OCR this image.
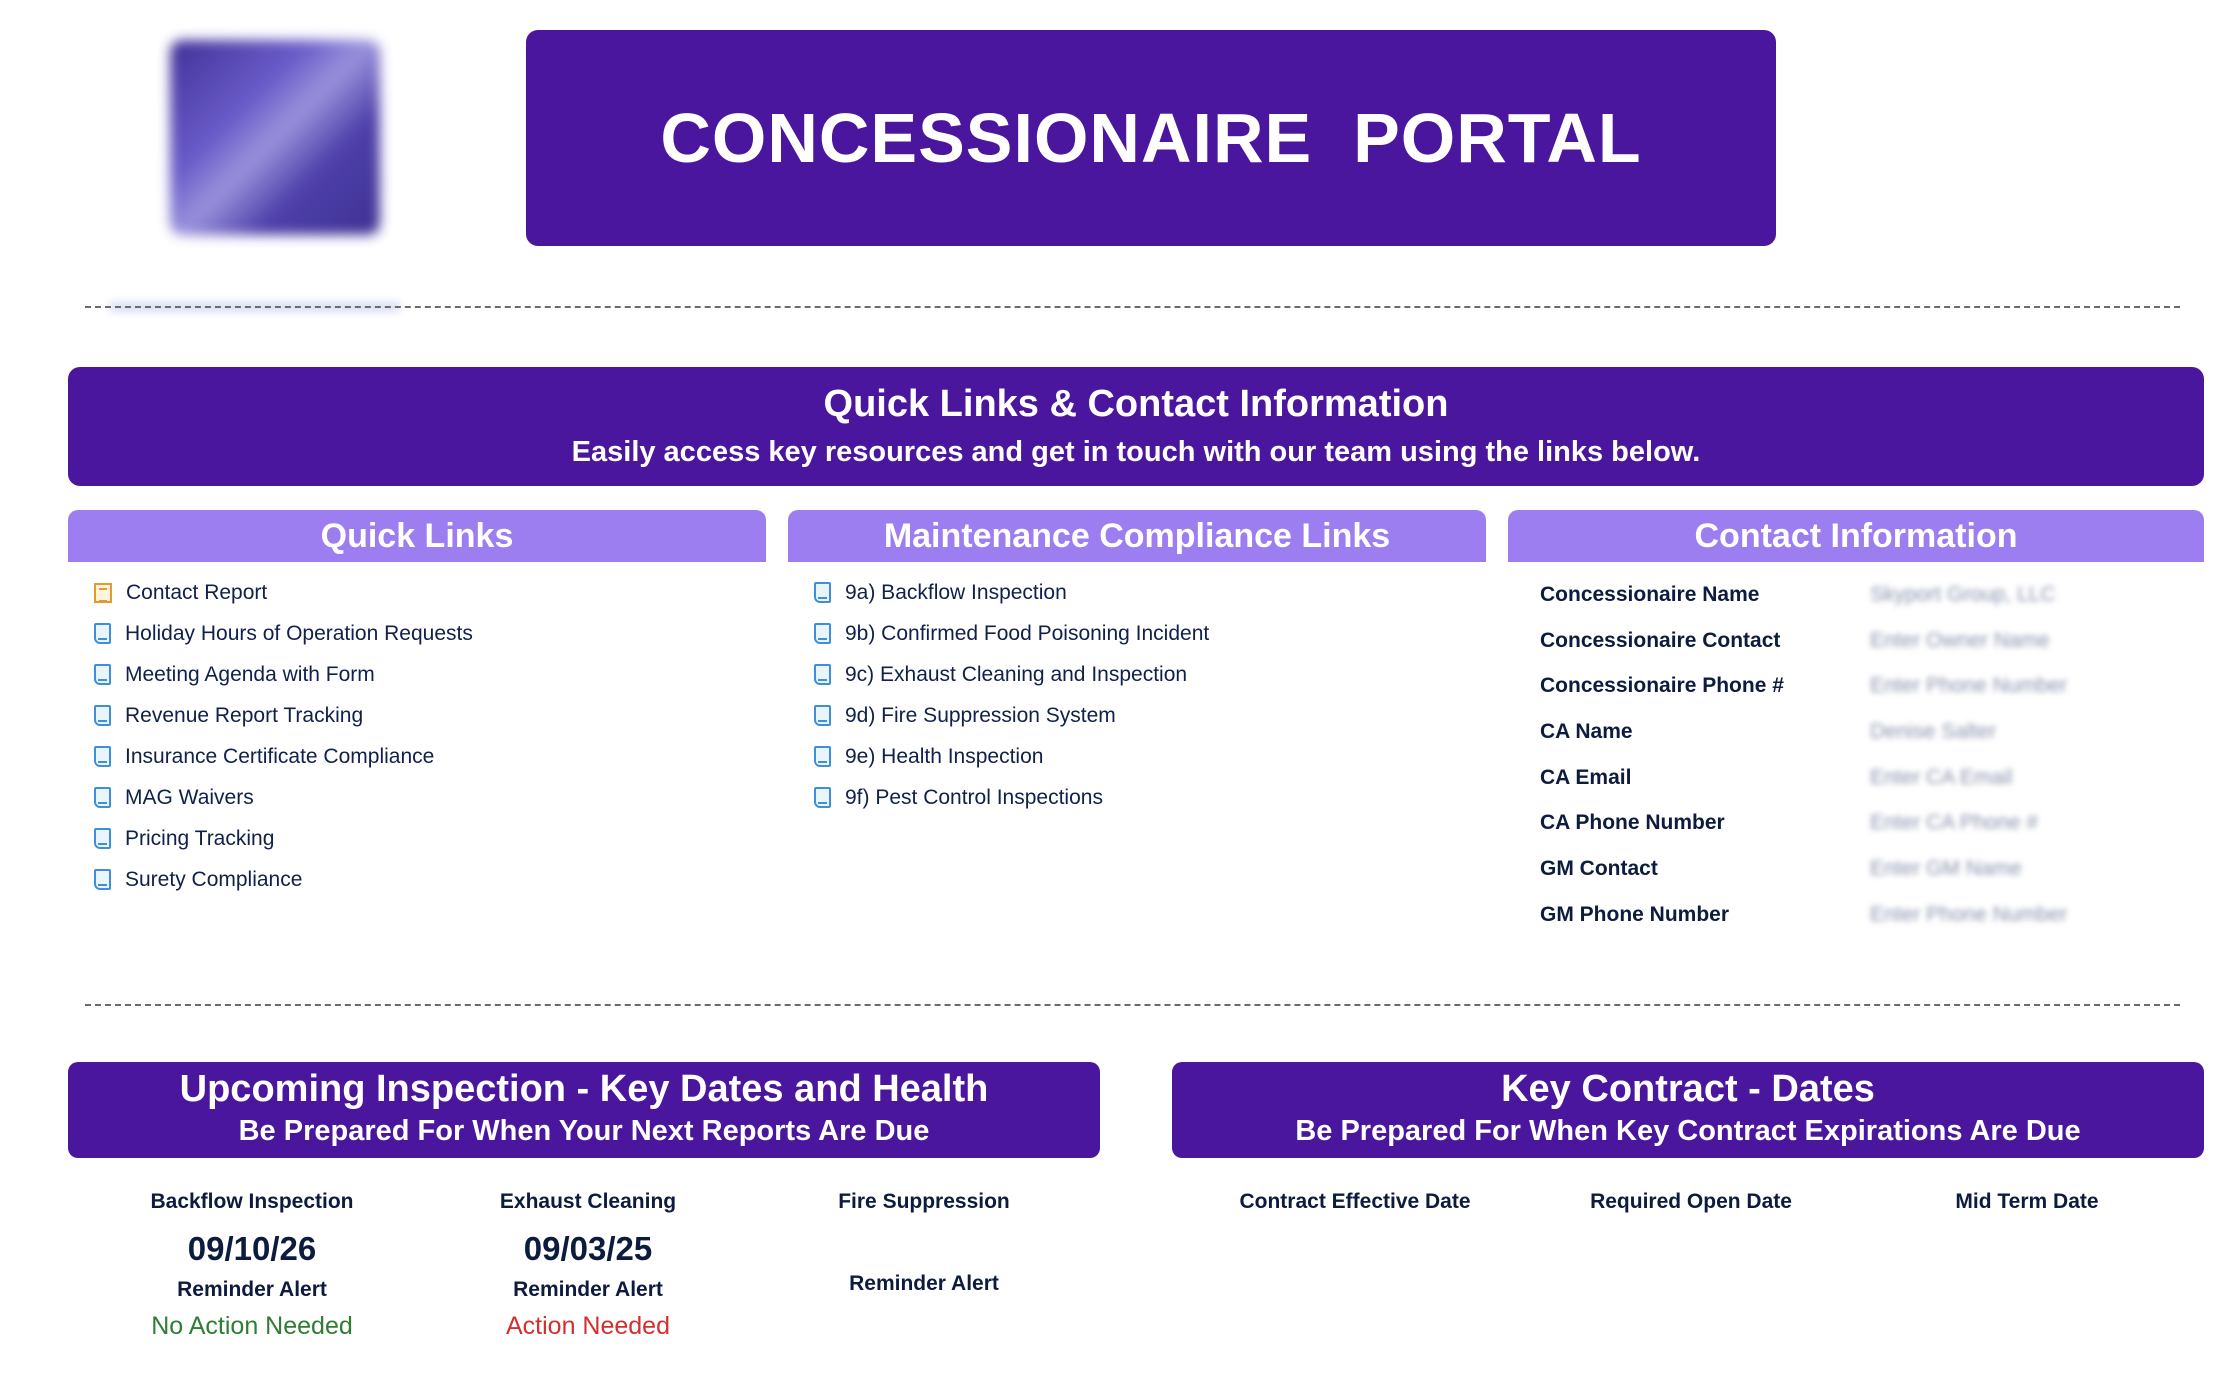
CONCESSIONAIRE  PORTAL
Quick Links & Contact Information
Easily access key resources and get in touch with our team using the links below.
Quick Links
Contact Report
Holiday Hours of Operation Requests
Meeting Agenda with Form
Revenue Report Tracking
Insurance Certificate Compliance
MAG Waivers
Pricing Tracking
Surety Compliance
Maintenance Compliance Links
9a) Backflow Inspection
9b) Confirmed Food Poisoning Incident
9c) Exhaust Cleaning and Inspection
9d) Fire Suppression System
9e) Health Inspection
9f) Pest Control Inspections
Contact Information
Concessionaire Name	Skyport Group, LLC
Concessionaire Contact	Enter Owner Name
Concessionaire Phone #	Enter Phone Number
CA Name	Denise Salter
CA Email	Enter CA Email
CA Phone Number	Enter CA Phone #
GM Contact	Enter GM Name
GM Phone Number	Enter Phone Number
Upcoming Inspection - Key Dates and Health
Be Prepared For When Your Next Reports Are Due
Key Contract - Dates
Be Prepared For When Key Contract Expirations Are Due
Backflow Inspection
09/10/26
Reminder Alert
No Action Needed
Exhaust Cleaning
09/03/25
Reminder Alert
Action Needed
Fire Suppression
Reminder Alert
Contract Effective Date	Required Open Date	Mid Term Date
